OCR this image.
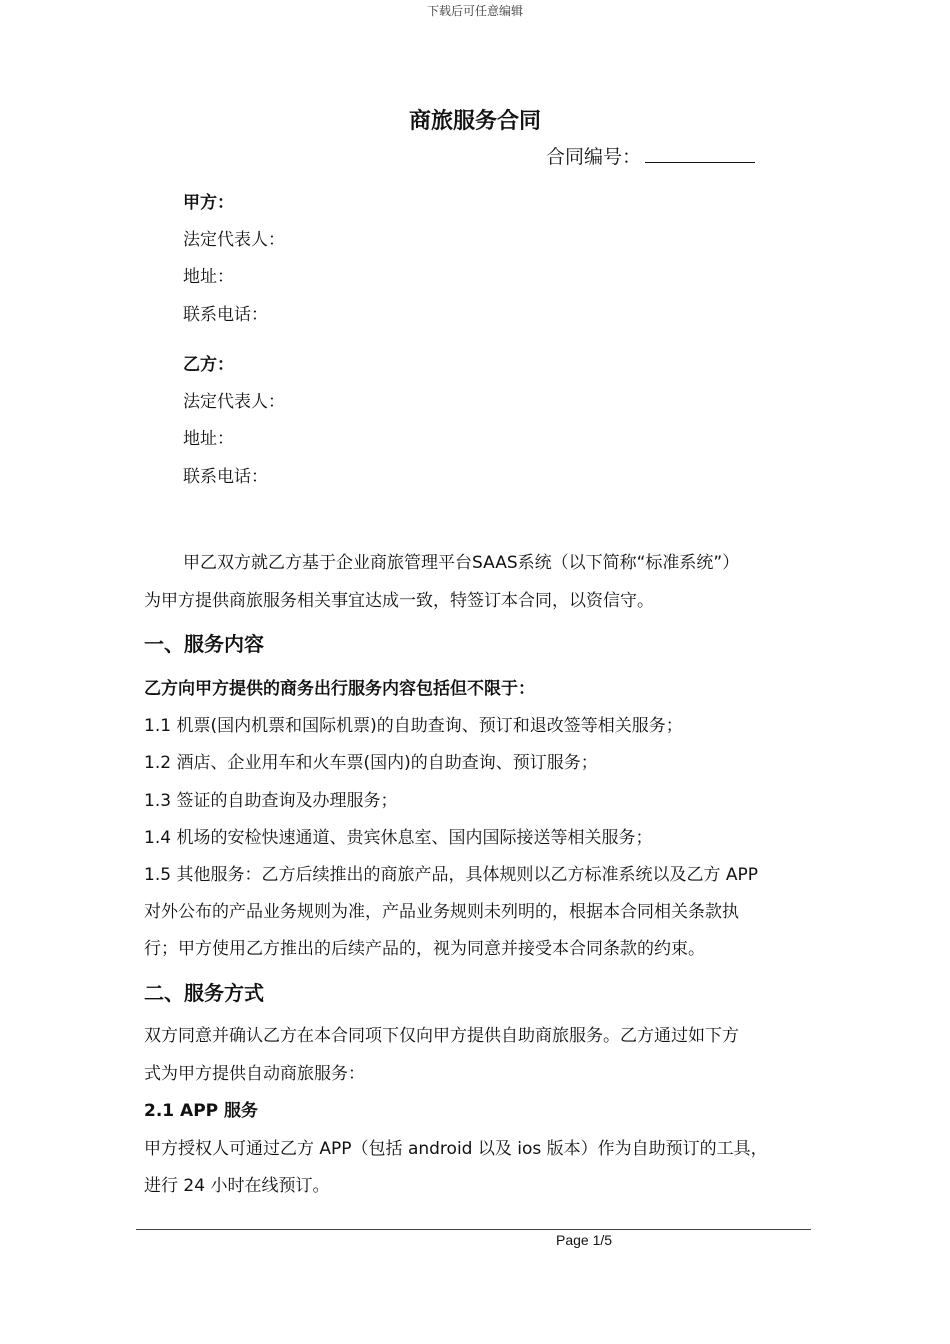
下载后可任意编辑
商旅服务合同
合同编号：
甲方：
法定代表人：
地址：
联系电话：
乙方：
法定代表人：
地址：
联系电话：
甲乙双方就乙方基于企业商旅管理平台SAAS系统（以下简称“标准系统”）
为甲方提供商旅服务相关事宜达成一致，特签订本合同，以资信守。
一、服务内容
乙方向甲方提供的商务出行服务内容包括但不限于：
1.1 机票(国内机票和国际机票)的自助查询、预订和退改签等相关服务；
1.2 酒店、企业用车和火车票(国内)的自助查询、预订服务；
1.3 签证的自助查询及办理服务；
1.4 机场的安检快速通道、贵宾休息室、国内国际接送等相关服务；
1.5 其他服务：乙方后续推出的商旅产品，具体规则以乙方标准系统以及乙方 APP
对外公布的产品业务规则为准，产品业务规则未列明的，根据本合同相关条款执
行；甲方使用乙方推出的后续产品的，视为同意并接受本合同条款的约束。
二、服务方式
双方同意并确认乙方在本合同项下仅向甲方提供自助商旅服务。乙方通过如下方
式为甲方提供自动商旅服务：
2.1 APP 服务
甲方授权人可通过乙方 APP（包括 android 以及 ios 版本）作为自助预订的工具，
进行 24 小时在线预订。
Page 1/5
